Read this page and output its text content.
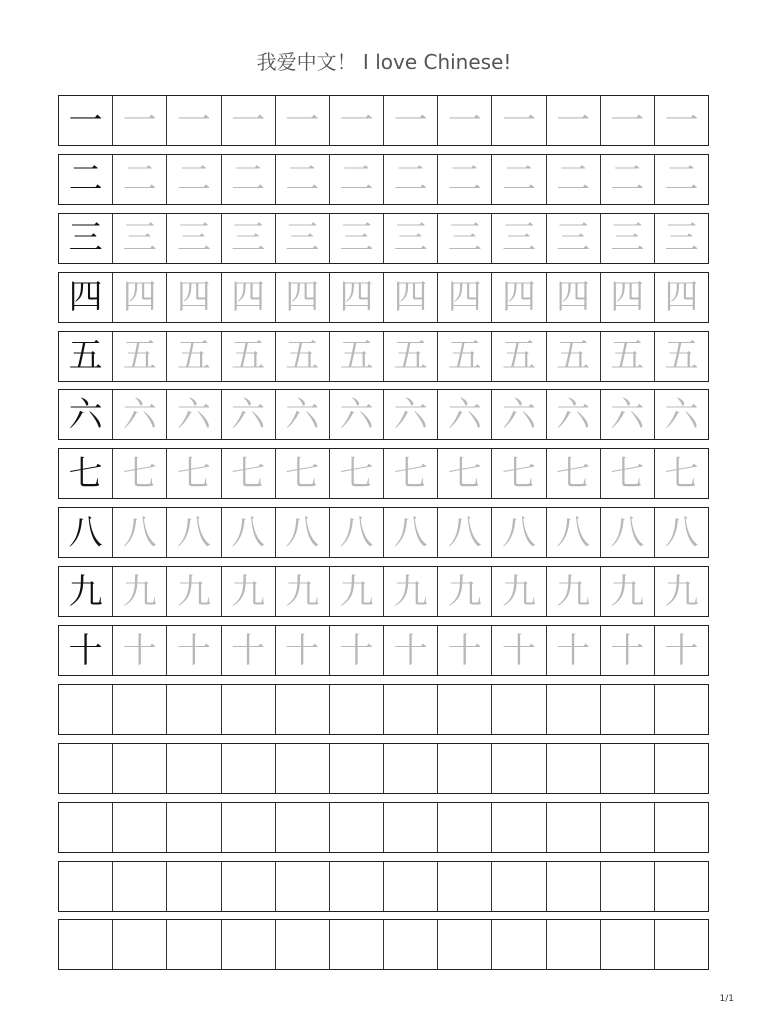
我爱中文！ I love Chinese!
一 一 一 一 一 一 一 一 一 一 一 一
二 二 二 二 二 二 二 二 二 二 二 二
三 三 三 三 三 三 三 三 三 三 三 三
四 四 四 四 四 四 四 四 四 四 四 四
五 五 五 五 五 五 五 五 五 五 五 五
六 六 六 六 六 六 六 六 六 六 六 六
七 七 七 七 七 七 七 七 七 七 七 七
八 八 八 八 八 八 八 八 八 八 八 八
九 九 九 九 九 九 九 九 九 九 九 九
十 十 十 十 十 十 十 十 十 十 十 十
1/1
